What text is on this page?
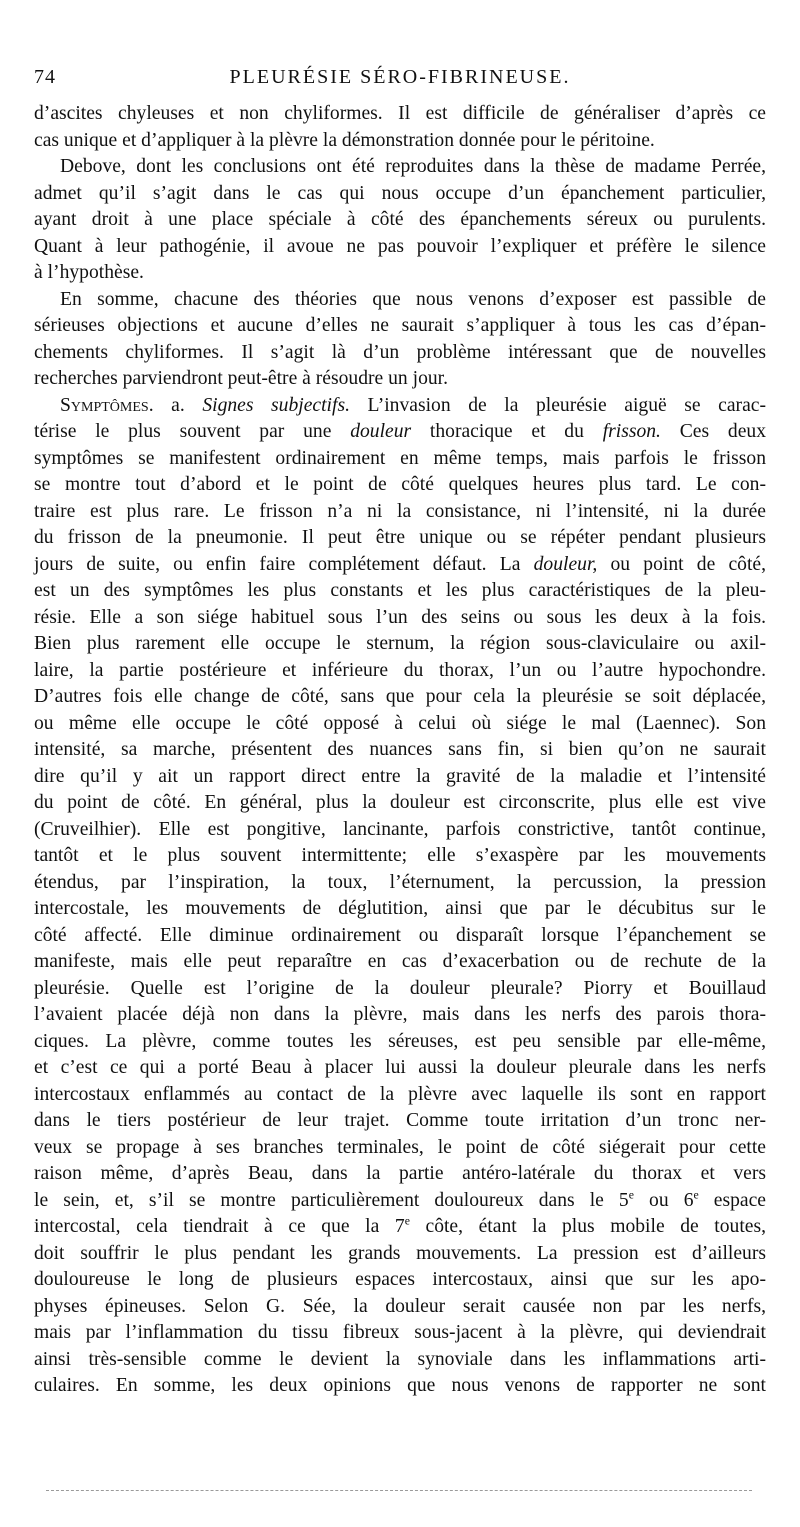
74	PLEURÉSIE SÉRO-FIBRINEUSE.
d’ascites chyleuses et non chyliformes. Il est difficile de généraliser d’après ce
cas unique et d’appliquer à la plèvre la démonstration donnée pour le péritoine.
Debove, dont les conclusions ont été reproduites dans la thèse de madame Perrée,
admet qu’il s’agit dans le cas qui nous occupe d’un épanchement particulier,
ayant droit à une place spéciale à côté des épanchements séreux ou purulents.
Quant à leur pathogénie, il avoue ne pas pouvoir l’expliquer et préfère le silence
à l’hypothèse.
En somme, chacune des théories que nous venons d’exposer est passible de
sérieuses objections et aucune d’elles ne saurait s’appliquer à tous les cas d’épan-
chements chyliformes. Il s’agit là d’un problème intéressant que de nouvelles
recherches parviendront peut-être à résoudre un jour.
Symptômes. a. Signes subjectifs. L’invasion de la pleurésie aiguë se carac-
térise le plus souvent par une douleur thoracique et du frisson. Ces deux
symptômes se manifestent ordinairement en même temps, mais parfois le frisson
se montre tout d’abord et le point de côté quelques heures plus tard. Le con-
traire est plus rare. Le frisson n’a ni la consistance, ni l’intensité, ni la durée
du frisson de la pneumonie. Il peut être unique ou se répéter pendant plusieurs
jours de suite, ou enfin faire complétement défaut. La douleur, ou point de côté,
est un des symptômes les plus constants et les plus caractéristiques de la pleu-
résie. Elle a son siége habituel sous l’un des seins ou sous les deux à la fois.
Bien plus rarement elle occupe le sternum, la région sous-claviculaire ou axil-
laire, la partie postérieure et inférieure du thorax, l’un ou l’autre hypochondre.
D’autres fois elle change de côté, sans que pour cela la pleurésie se soit déplacée,
ou même elle occupe le côté opposé à celui où siége le mal (Laennec). Son
intensité, sa marche, présentent des nuances sans fin, si bien qu’on ne saurait
dire qu’il y ait un rapport direct entre la gravité de la maladie et l’intensité
du point de côté. En général, plus la douleur est circonscrite, plus elle est vive
(Cruveilhier). Elle est pongitive, lancinante, parfois constrictive, tantôt continue,
tantôt et le plus souvent intermittente; elle s’exaspère par les mouvements
étendus, par l’inspiration, la toux, l’éternument, la percussion, la pression
intercostale, les mouvements de déglutition, ainsi que par le décubitus sur le
côté affecté. Elle diminue ordinairement ou disparaît lorsque l’épanchement se
manifeste, mais elle peut reparaître en cas d’exacerbation ou de rechute de la
pleurésie. Quelle est l’origine de la douleur pleurale? Piorry et Bouillaud
l’avaient placée déjà non dans la plèvre, mais dans les nerfs des parois thora-
ciques. La plèvre, comme toutes les séreuses, est peu sensible par elle-même,
et c’est ce qui a porté Beau à placer lui aussi la douleur pleurale dans les nerfs
intercostaux enflammés au contact de la plèvre avec laquelle ils sont en rapport
dans le tiers postérieur de leur trajet. Comme toute irritation d’un tronc ner-
veux se propage à ses branches terminales, le point de côté siégerait pour cette
raison même, d’après Beau, dans la partie antéro-latérale du thorax et vers
le sein, et, s’il se montre particulièrement douloureux dans le 5e ou 6e espace
intercostal, cela tiendrait à ce que la 7e côte, étant la plus mobile de toutes,
doit souffrir le plus pendant les grands mouvements. La pression est d’ailleurs
douloureuse le long de plusieurs espaces intercostaux, ainsi que sur les apo-
physes épineuses. Selon G. Sée, la douleur serait causée non par les nerfs,
mais par l’inflammation du tissu fibreux sous-jacent à la plèvre, qui deviendrait
ainsi très-sensible comme le devient la synoviale dans les inflammations arti-
culaires. En somme, les deux opinions que nous venons de rapporter ne sont
